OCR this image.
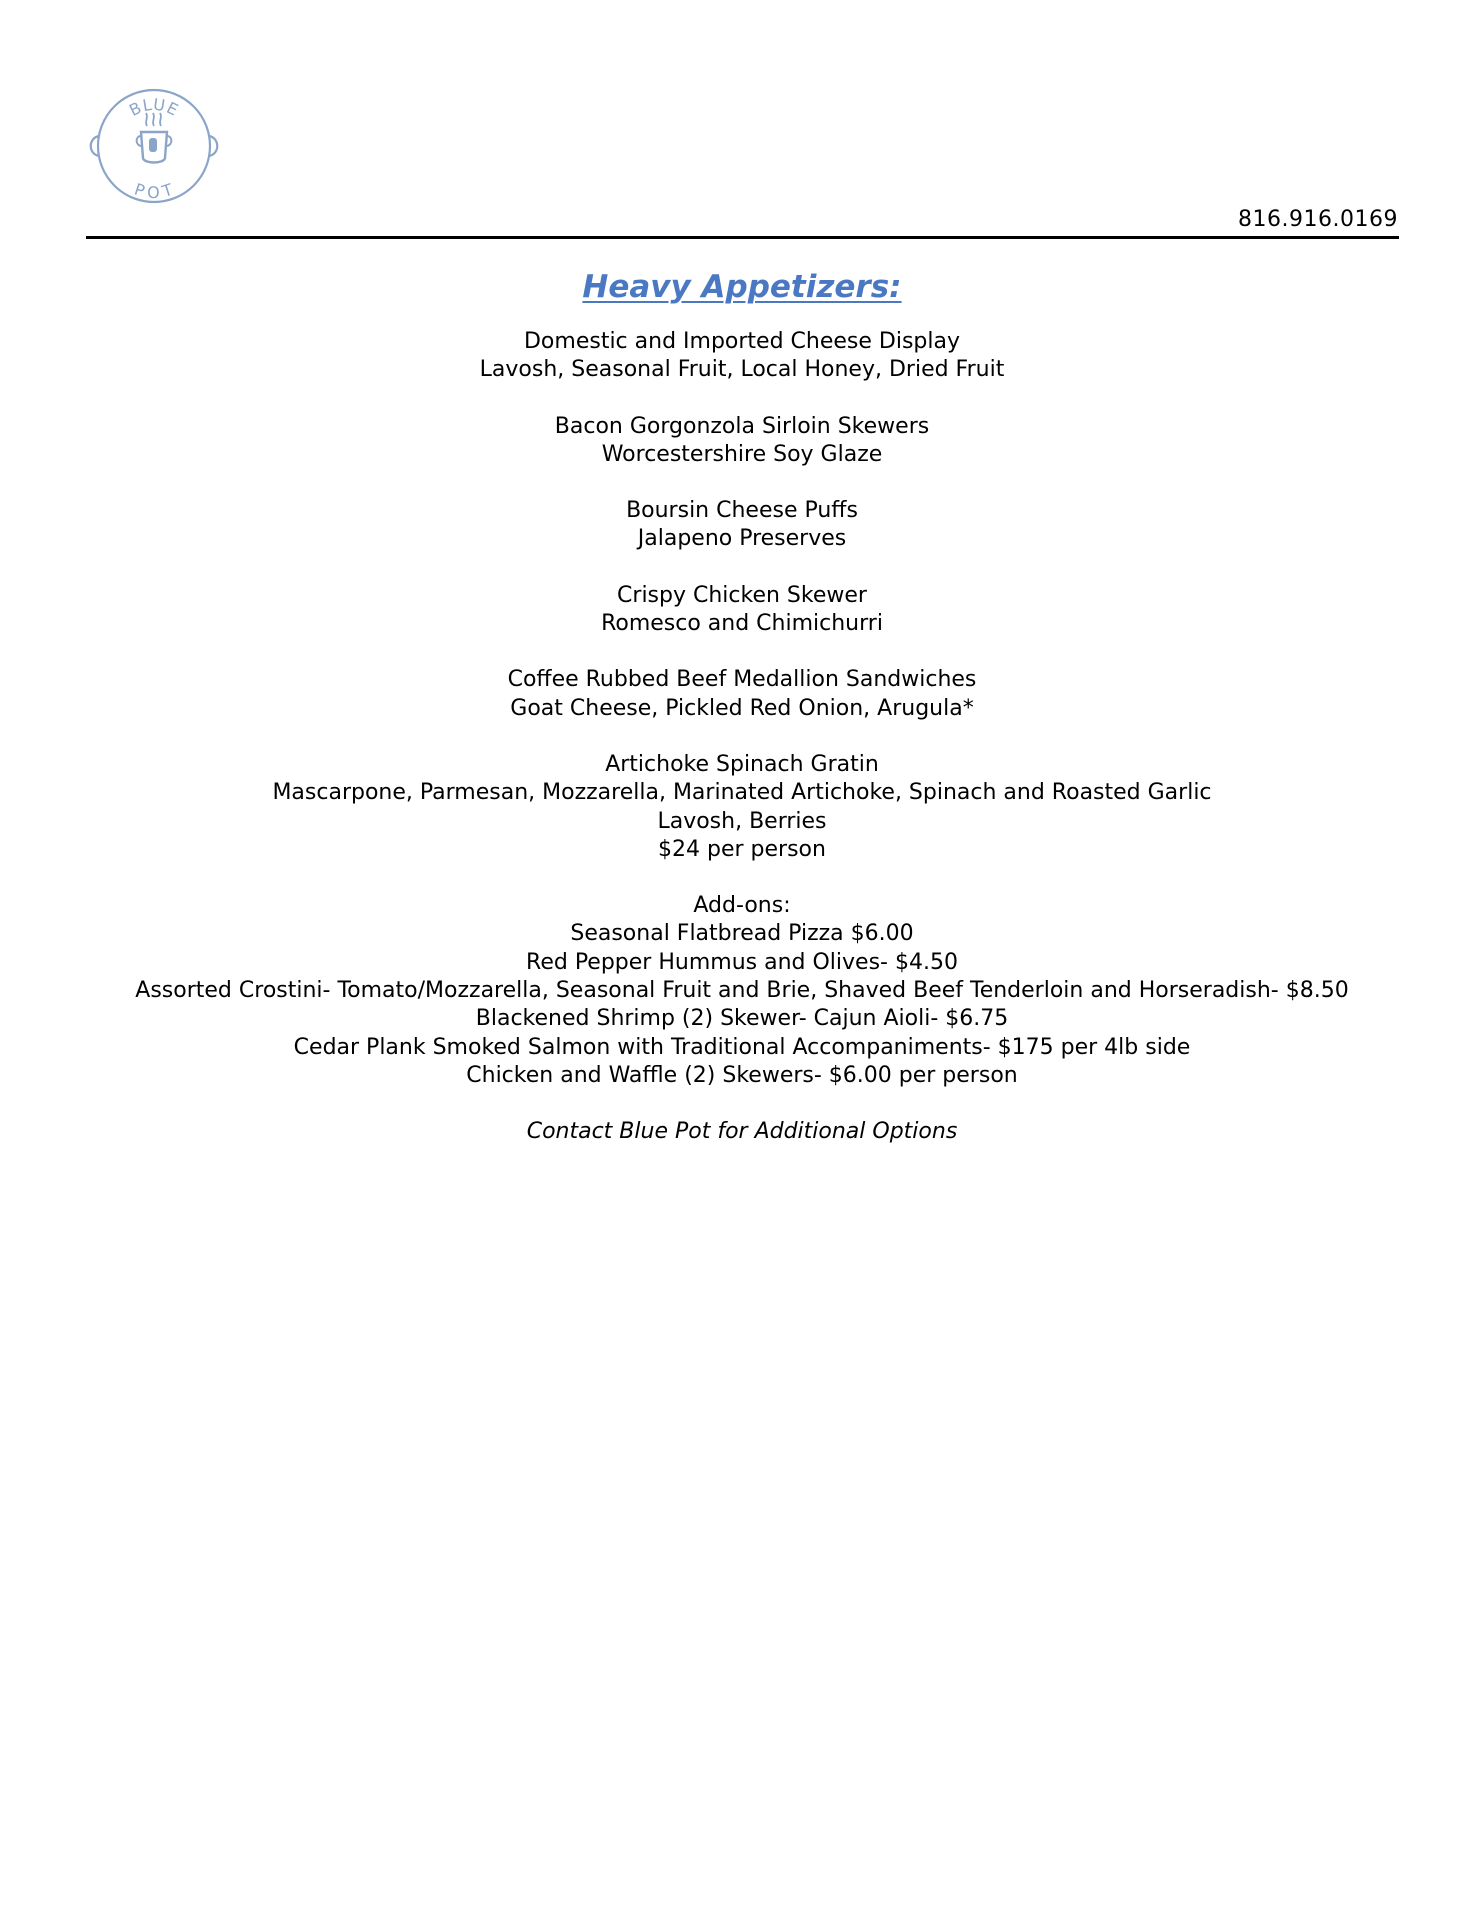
BLUE
POT
816.916.0169
Heavy Appetizers:
Domestic and Imported Cheese Display
Lavosh, Seasonal Fruit, Local Honey, Dried Fruit
Bacon Gorgonzola Sirloin Skewers
Worcestershire Soy Glaze
Boursin Cheese Puffs
Jalapeno Preserves
Crispy Chicken Skewer
Romesco and Chimichurri
Coffee Rubbed Beef Medallion Sandwiches
Goat Cheese, Pickled Red Onion, Arugula*
Artichoke Spinach Gratin
Mascarpone, Parmesan, Mozzarella, Marinated Artichoke, Spinach and Roasted Garlic
Lavosh, Berries
$24 per person
Add-ons:
Seasonal Flatbread Pizza $6.00
Red Pepper Hummus and Olives- $4.50
Assorted Crostini- Tomato/Mozzarella, Seasonal Fruit and Brie, Shaved Beef Tenderloin and Horseradish- $8.50
Blackened Shrimp (2) Skewer- Cajun Aioli- $6.75
Cedar Plank Smoked Salmon with Traditional Accompaniments- $175 per 4lb side
Chicken and Waffle (2) Skewers- $6.00 per person
Contact Blue Pot for Additional Options
